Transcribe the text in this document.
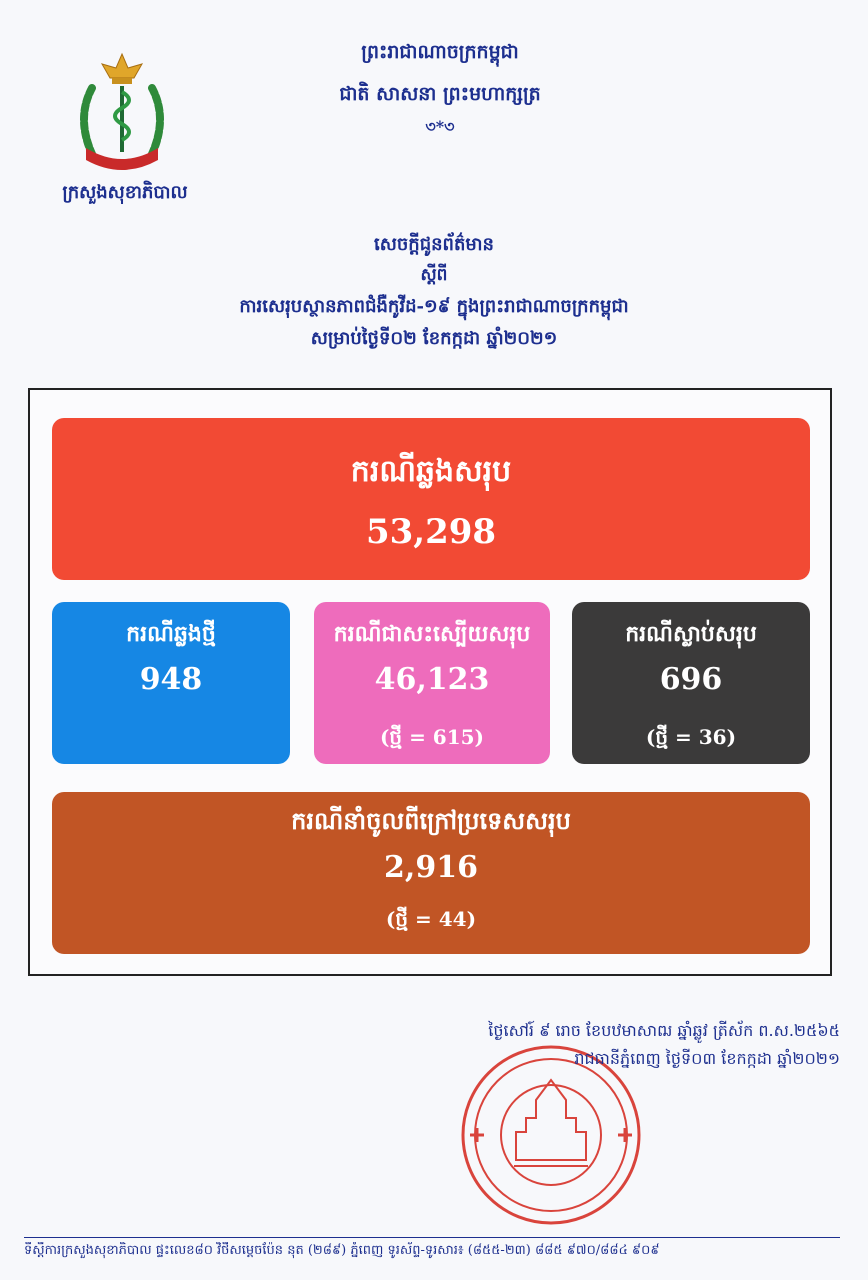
ក្រសួងសុខាភិបាល
ព្រះរាជាណាចក្រកម្ពុជា
ជាតិ សាសនា ព្រះមហាក្សត្រ
৩*৩
សេចក្តីជូនព័ត៌មាន
ស្តីពី
ការសេរុបស្ថានភាពជំងឺកូវីដ-១៩ ក្នុងព្រះរាជាណាចក្រកម្ពុជា
សម្រាប់ថ្ងៃទី០២ ខែកក្កដា ឆ្នាំ២០២១
ករណីឆ្លងសរុប
53,298
ករណីឆ្លងថ្មី
948
ករណីជាសះស្បើយសរុប
46,123
(ថ្មី = 615)
ករណីស្លាប់សរុប
696
(ថ្មី = 36)
ករណីនាំចូលពីក្រៅប្រទេសសរុប
2,916
(ថ្មី = 44)
ថ្ងៃសៅរ៍ ៩ រោច ខែបឋមាសាឍ ឆ្នាំឆ្លូវ ត្រីស័ក ព.ស.២៥៦៥
រាជធានីភ្នំពេញ ថ្ងៃទី០៣ ខែកក្កដា ឆ្នាំ២០២១
ទីស្តីការក្រសួងសុខាភិបាល ផ្ទះលេខ៨០ វិថីសម្តេចប៉ែន នុត (២៨៩) ភ្នំពេញ ទូរស័ព្ទ-ទូរសារ៖ (៨៥៥-២៣) ៨៨៥ ៩៧០/៨៨៤ ៩០៩
